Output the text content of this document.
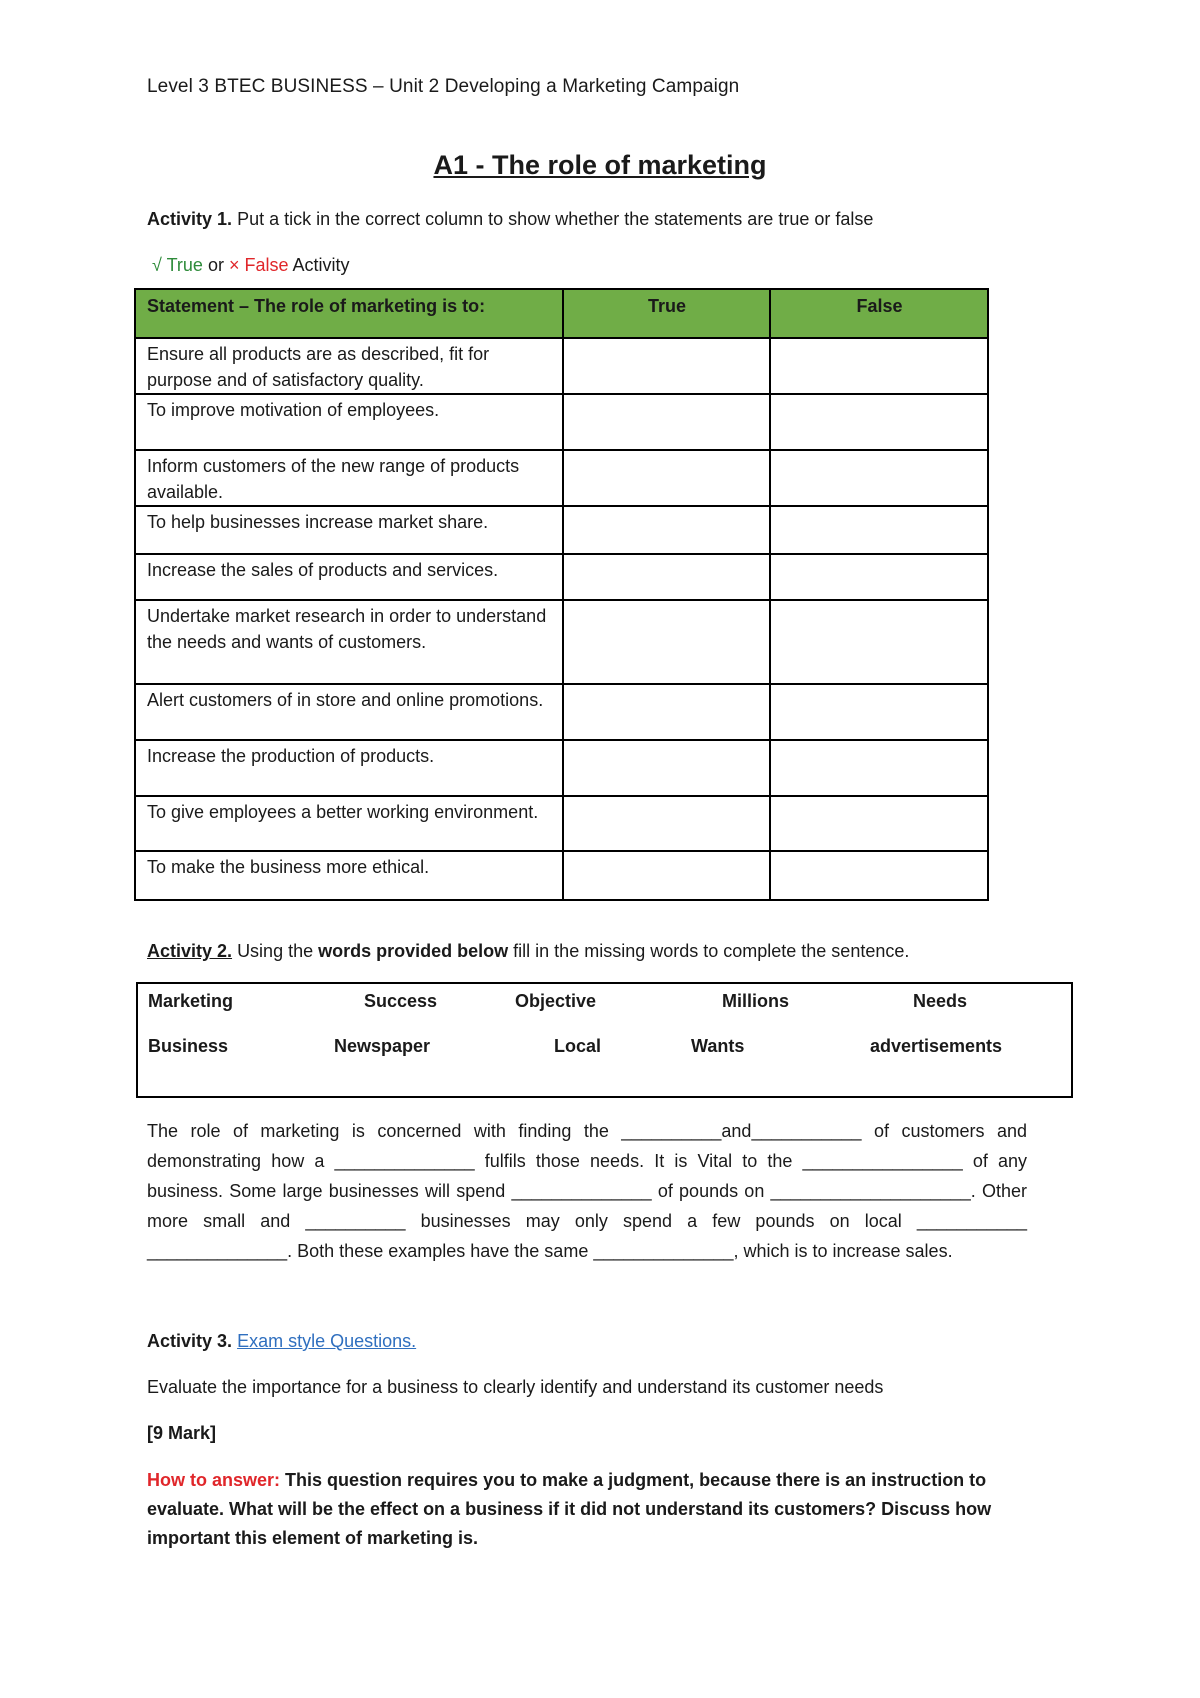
Level 3 BTEC BUSINESS – Unit 2 Developing a Marketing Campaign
A1 - The role of marketing
Activity 1. Put a tick in the correct column to show whether the statements are true or false
√ True or × False Activity
Statement – The role of marketing is to:	True	False
Ensure all products are as described, fit for purpose and of satisfactory quality.		
To improve motivation of employees.		
Inform customers of the new range of products available.		
To help businesses increase market share.		
Increase the sales of products and services.		
Undertake market research in order to understand the needs and wants of customers.		
Alert customers of in store and online promotions.		
Increase the production of products.		
To give employees a better working environment.		
To make the business more ethical.		
Activity 2. Using the words provided below fill in the missing words to complete the sentence.
Marketing	Success	Objective	Millions	Needs
Business	Newspaper	Local	Wants	advertisements
The role of marketing is concerned with finding the __________and___________ of customers and demonstrating how a ______________ fulfils those needs. It is Vital to the ________________ of any business. Some large businesses will spend ______________ of pounds on ____________________. Other more small and __________ businesses may only spend a few pounds on local ___________ ______________. Both these examples have the same ______________, which is to increase sales.
Activity 3. Exam style Questions.
Evaluate the importance for a business to clearly identify and understand its customer needs
[9 Mark]
How to answer: This question requires you to make a judgment, because there is an instruction to evaluate. What will be the effect on a business if it did not understand its customers? Discuss how important this element of marketing is.
